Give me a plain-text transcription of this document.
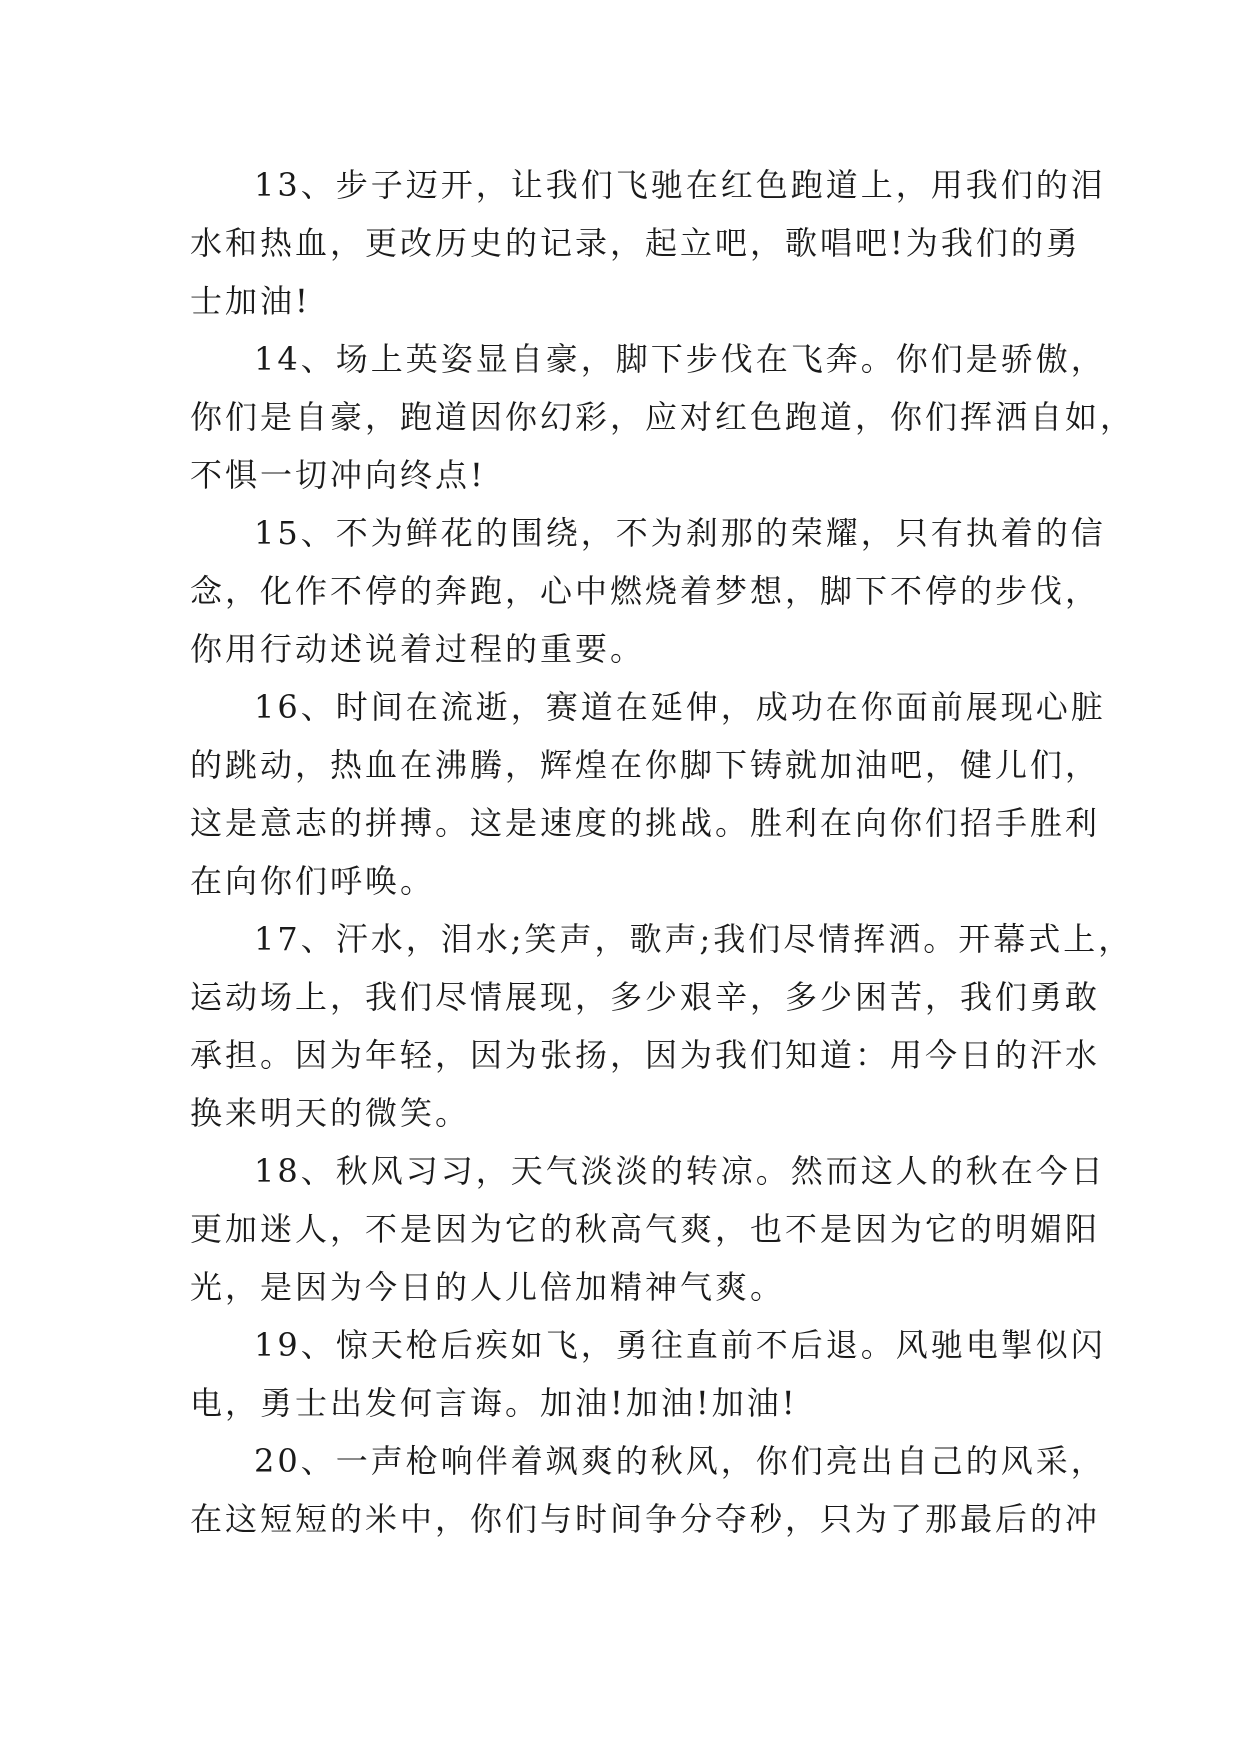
13、步子迈开，让我们飞驰在红色跑道上，用我们的泪
水和热血，更改历史的记录，起立吧，歌唱吧!为我们的勇
士加油!

14、场上英姿显自豪，脚下步伐在飞奔。你们是骄傲，
你们是自豪，跑道因你幻彩，应对红色跑道，你们挥洒自如，
不惧一切冲向终点!

15、不为鲜花的围绕，不为刹那的荣耀，只有执着的信
念，化作不停的奔跑，心中燃烧着梦想，脚下不停的步伐，
你用行动述说着过程的重要。

16、时间在流逝，赛道在延伸，成功在你面前展现心脏
的跳动，热血在沸腾，辉煌在你脚下铸就加油吧，健儿们，
这是意志的拼搏。这是速度的挑战。胜利在向你们招手胜利
在向你们呼唤。

17、汗水，泪水;笑声，歌声;我们尽情挥洒。开幕式上，
运动场上，我们尽情展现，多少艰辛，多少困苦，我们勇敢
承担。因为年轻，因为张扬，因为我们知道：用今日的汗水
换来明天的微笑。

18、秋风习习，天气淡淡的转凉。然而这人的秋在今日
更加迷人，不是因为它的秋高气爽，也不是因为它的明媚阳
光，是因为今日的人儿倍加精神气爽。

19、惊天枪后疾如飞，勇往直前不后退。风驰电掣似闪
电，勇士出发何言诲。加油!加油!加油!

20、一声枪响伴着飒爽的秋风，你们亮出自己的风采，
在这短短的米中，你们与时间争分夺秒，只为了那最后的冲
